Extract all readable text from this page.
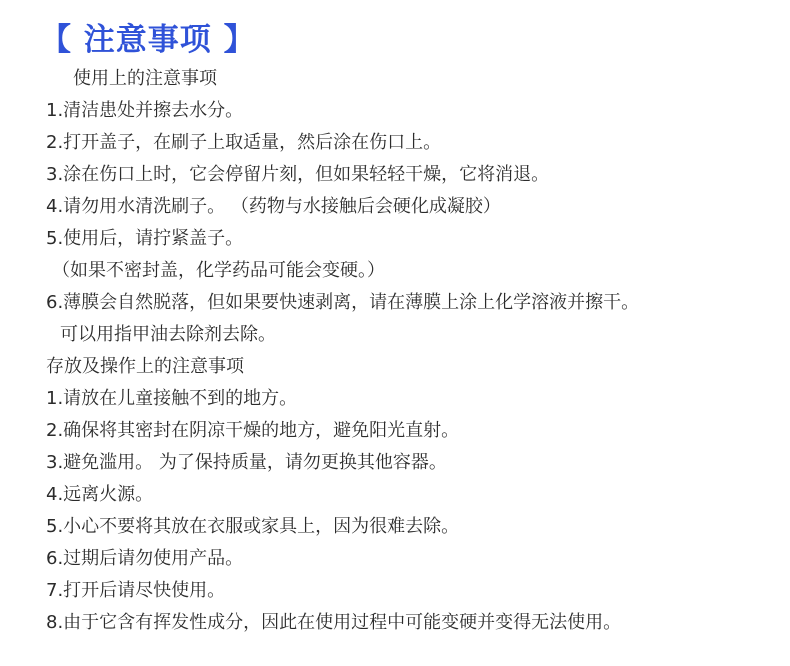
【 注意事项 】
使用上的注意事项
1.清洁患处并擦去水分。
2.打开盖子，在刷子上取适量，然后涂在伤口上。
3.涂在伤口上时，它会停留片刻，但如果轻轻干燥，它将消退。
4.请勿用水清洗刷子。 （药物与水接触后会硬化成凝胶）
5.使用后，请拧紧盖子。
（如果不密封盖，化学药品可能会变硬。）
6.薄膜会自然脱落，但如果要快速剥离，请在薄膜上涂上化学溶液并擦干。
可以用指甲油去除剂去除。
存放及操作上的注意事项
1.请放在儿童接触不到的地方。
2.确保将其密封在阴凉干燥的地方，避免阳光直射。
3.避免滥用。 为了保持质量，请勿更换其他容器。
4.远离火源。
5.小心不要将其放在衣服或家具上，因为很难去除。
6.过期后请勿使用产品。
7.打开后请尽快使用。
8.由于它含有挥发性成分，因此在使用过程中可能变硬并变得无法使用。
